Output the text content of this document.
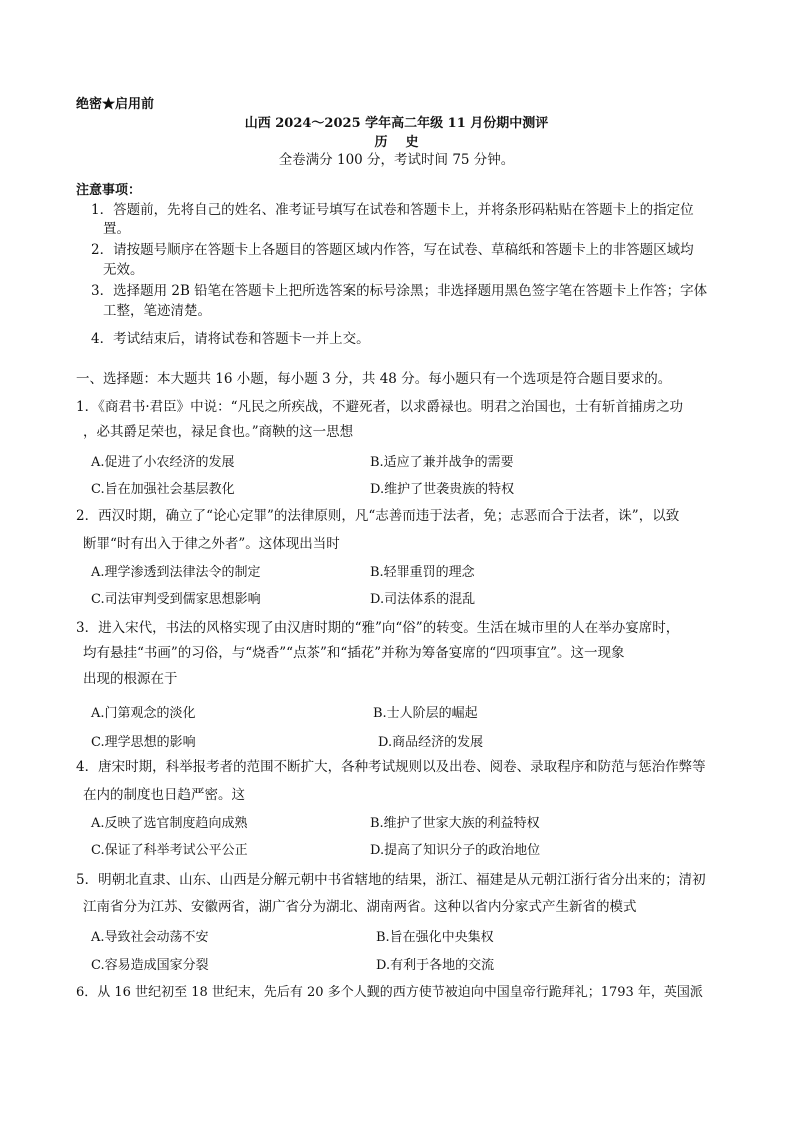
绝密★启用前
山西 2024～2025 学年高二年级 11 月份期中测评
历史
全卷满分 100 分，考试时间 75 分钟。
注意事项：
1．答题前，先将自己的姓名、准考证号填写在试卷和答题卡上，并将条形码粘贴在答题卡上的指定位
置。
2．请按题号顺序在答题卡上各题目的答题区域内作答，写在试卷、草稿纸和答题卡上的非答题区域均
无效。
3．选择题用 2B 铅笔在答题卡上把所选答案的标号涂黑；非选择题用黑色签字笔在答题卡上作答；字体
工整，笔迹清楚。
4．考试结束后，请将试卷和答题卡一并上交。
一、选择题：本大题共 16 小题，每小题 3 分，共 48 分。每小题只有一个选项是符合题目要求的。
1．《商君书·君臣》中说：“凡民之所疾战，不避死者，以求爵禄也。明君之治国也，士有斩首捕虏之功
，必其爵足荣也，禄足食也。”商鞅的这一思想
A.促进了小农经济的发展	B.适应了兼并战争的需要
C.旨在加强社会基层教化	D.维护了世袭贵族的特权
2．西汉时期，确立了“论心定罪”的法律原则，凡“志善而违于法者，免；志恶而合于法者，诛”，以致
断罪“时有出入于律之外者”。这体现出当时
A.理学渗透到法律法令的制定	B.轻罪重罚的理念
C.司法审判受到儒家思想影响	D.司法体系的混乱
3．进入宋代，书法的风格实现了由汉唐时期的“雅”向“俗”的转变。生活在城市里的人在举办宴席时，
均有悬挂“书画”的习俗，与“烧香”“点茶”和“插花”并称为筹备宴席的“四项事宜”。这一现象
出现的根源在于
A.门第观念的淡化	B.士人阶层的崛起
C.理学思想的影响	D.商品经济的发展
4．唐宋时期，科举报考者的范围不断扩大，各种考试规则以及出卷、阅卷、录取程序和防范与惩治作弊等
在内的制度也日趋严密。这
A.反映了选官制度趋向成熟	B.维护了世家大族的利益特权
C.保证了科举考试公平公正	D.提高了知识分子的政治地位
5．明朝北直隶、山东、山西是分解元朝中书省辖地的结果，浙江、福建是从元朝江浙行省分出来的；清初
江南省分为江苏、安徽两省，湖广省分为湖北、湖南两省。这种以省内分家式产生新省的模式
A.导致社会动荡不安	B.旨在强化中央集权
C.容易造成国家分裂	D.有利于各地的交流
6．从 16 世纪初至 18 世纪末，先后有 20 多个人觐的西方使节被迫向中国皇帝行跪拜礼；1793 年，英国派
